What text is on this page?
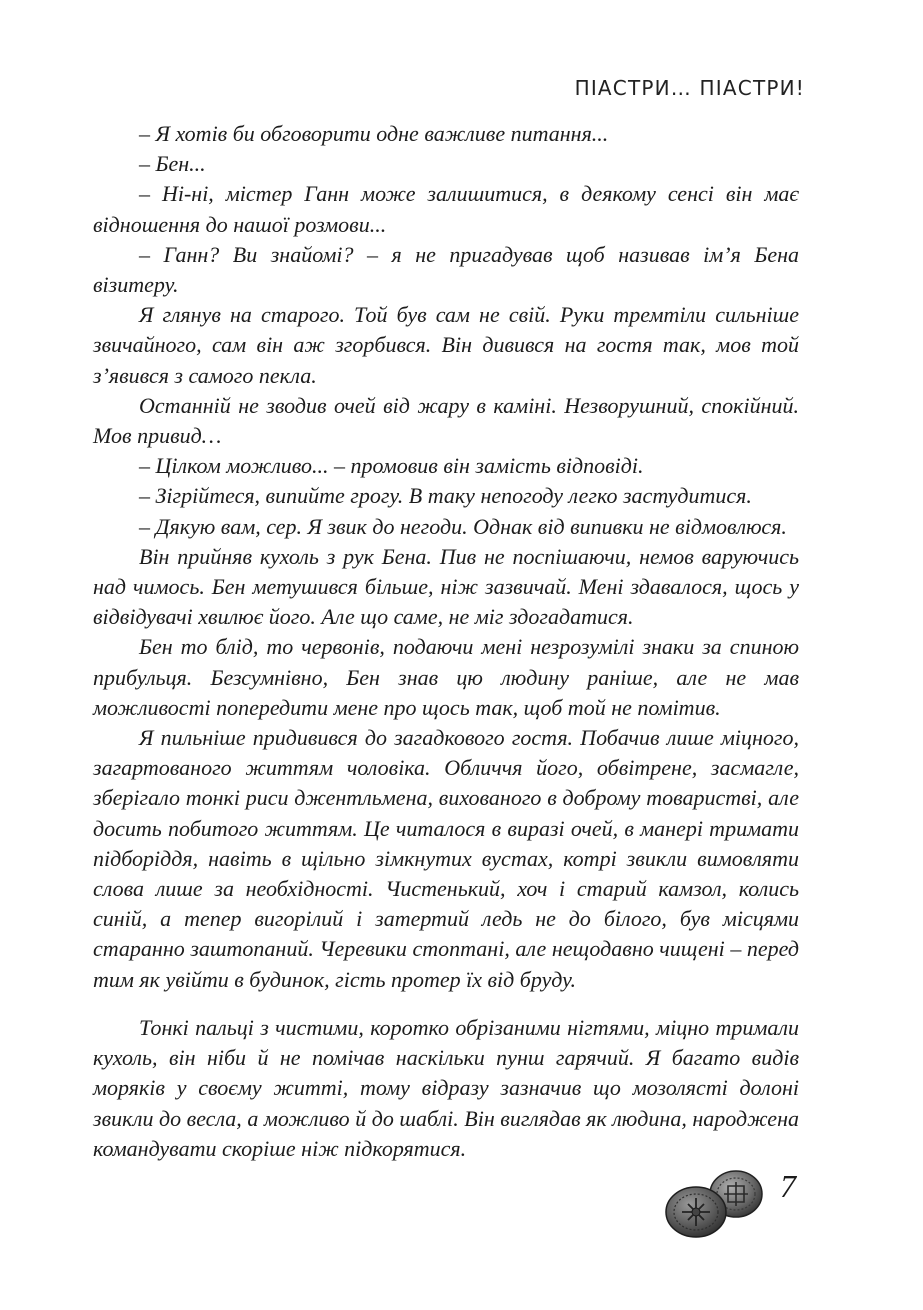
ПІАСТРИ… ПІАСТРИ!

– Я хотів би обговорити одне важливе питання...

– Бен...

– Ні-ні, містер Ганн може залишитися, в деякому сенсі він має відношення до нашої розмови...

– Ганн? Ви знайомі? – я не пригадував щоб називав ім’я Бена візитеру.

Я глянув на старого. Той був сам не свій. Руки тремтіли сильніше звичайного, сам він аж згорбився. Він дивився на гостя так, мов той з’явився з самого пекла.

Останній не зводив очей від жару в каміні. Незворушний, спокійний. Мов привид…

– Цілком можливо... – промовив він замість відповіді.

– Зігрійтеся, випийте грогу. В таку непогоду легко застудитися.

– Дякую вам, сер. Я звик до негоди. Однак від випивки не відмовлюся.

Він прийняв кухоль з рук Бена. Пив не поспішаючи, немов варуючись над чимось. Бен метушився більше, ніж зазвичай. Мені здавалося, щось у відвідувачі хвилює його. Але що саме, не міг здогадатися.

Бен то блід, то червонів, подаючи мені незрозумілі знаки за спиною прибульця. Безсумнівно, Бен знав цю людину раніше, але не мав можливості попередити мене про щось так, щоб той не помітив.

Я пильніше придивився до загадкового гостя. Побачив лише міцного, загартованого життям чоловіка. Обличчя його, обвітрене, засмагле, зберігало тонкі риси джентльмена, вихованого в доброму товаристві, але досить побитого життям. Це читалося в виразі очей, в манері тримати підборіддя, навіть в щільно зімкнутих вустах, котрі звикли вимовляти слова лише за необхідності. Чистенький, хоч і старий камзол, колись синій, а тепер вигорілий і затертий ледь не до білого, був місцями старанно заштопаний. Черевики стоптані, але нещодавно чищені – перед тим як увійти в будинок, гість протер їх від бруду.

Тонкі пальці з чистими, коротко обрізаними нігтями, міцно тримали кухоль, він ніби й не помічав наскільки пунш гарячий. Я багато видів моряків у своєму житті, тому відразу зазначив що мозолясті долоні звикли до весла, а можливо й до шаблі. Він виглядав як людина, народжена командувати скоріше ніж підкорятися.

7
